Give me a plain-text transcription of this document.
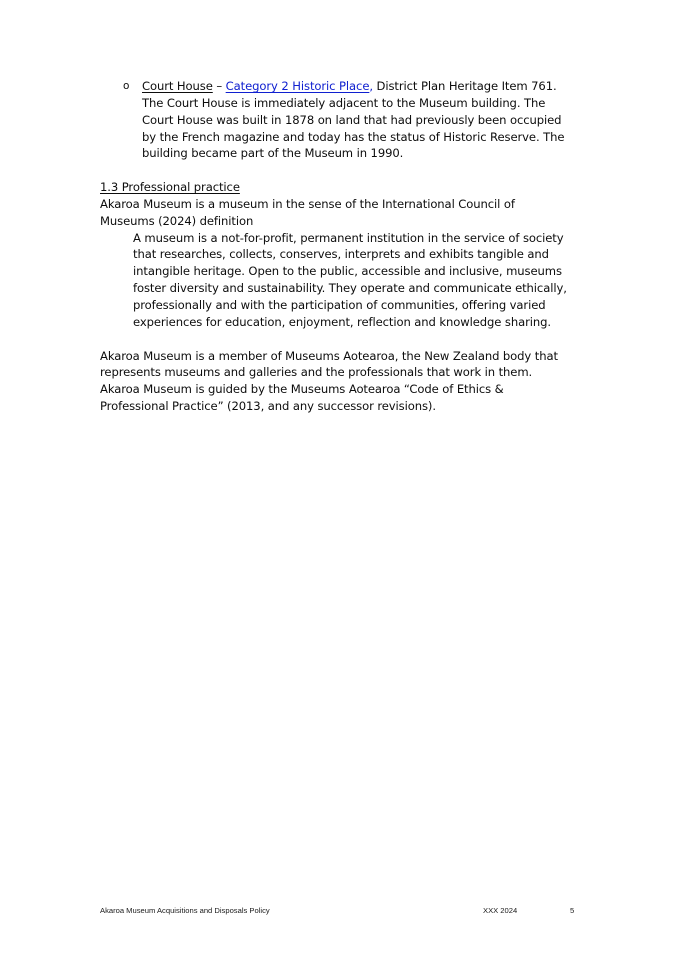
o Court House – Category 2 Historic Place, District Plan Heritage Item 761. The Court House is immediately adjacent to the Museum building. The Court House was built in 1878 on land that had previously been occupied by the French magazine and today has the status of Historic Reserve. The building became part of the Museum in 1990.
1.3 Professional practice

Akaroa Museum is a museum in the sense of the International Council of Museums (2024) definition

A museum is a not-for-profit, permanent institution in the service of society that researches, collects, conserves, interprets and exhibits tangible and intangible heritage. Open to the public, accessible and inclusive, museums foster diversity and sustainability. They operate and communicate ethically, professionally and with the participation of communities, offering varied experiences for education, enjoyment, reflection and knowledge sharing.

Akaroa Museum is a member of Museums Aotearoa, the New Zealand body that represents museums and galleries and the professionals that work in them. Akaroa Museum is guided by the Museums Aotearoa “Code of Ethics & Professional Practice” (2013, and any successor revisions).

Akaroa Museum Acquisitions and Disposals Policy	XXX 2024	5
